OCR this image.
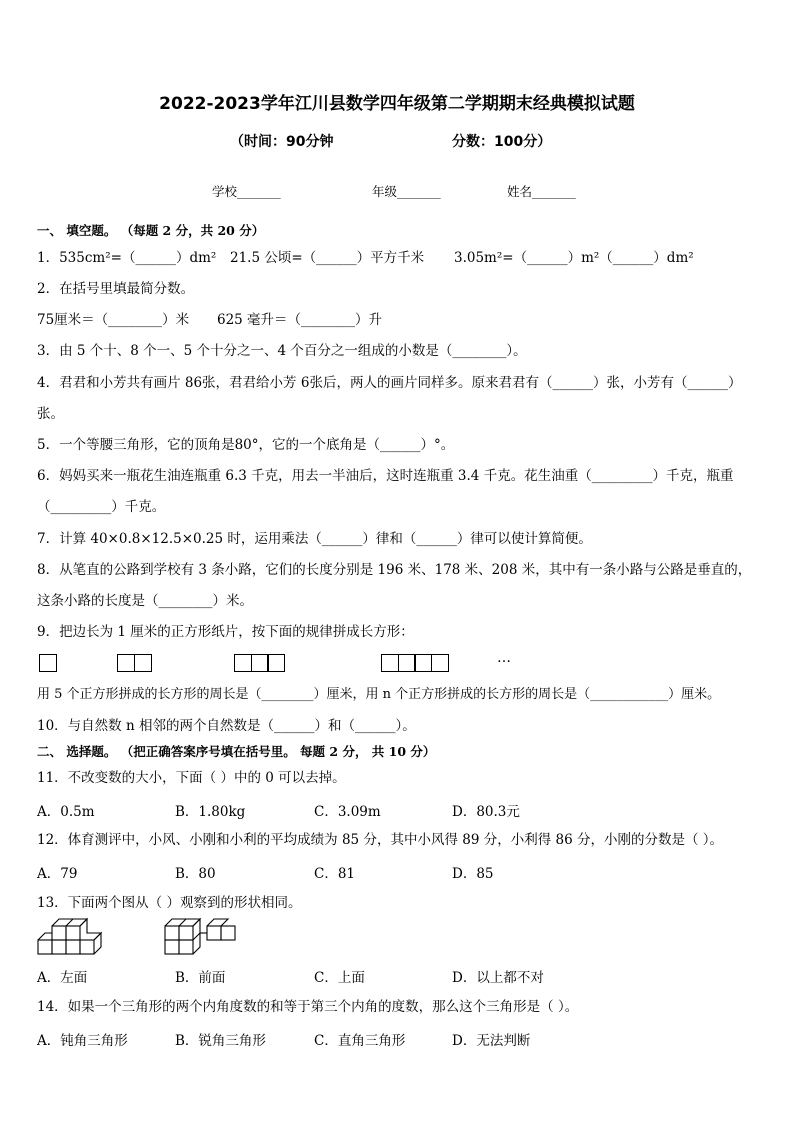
2022-2023学年江川县数学四年级第二学期期末经典模拟试题
（时间：90分钟	分数：100分）
学校_______	年级_______	姓名_______
一、 填空题。 （每题 2 分，共 20 分）
1．535cm²=（______）dm² 21.5 公顷=（______）平方千米 3.05m²=（______）m²（______）dm²
2．在括号里填最简分数。
75厘米＝（________）米 625 毫升＝（________）升
3．由 5 个十、8 个一、5 个十分之一、4 个百分之一组成的小数是（________）。
4．君君和小芳共有画片 86张，君君给小芳 6张后，两人的画片同样多。原来君君有（______）张，小芳有（______）
张。
5．一个等腰三角形，它的顶角是80°，它的一个底角是（______）°。
6．妈妈买来一瓶花生油连瓶重 6.3 千克，用去一半油后，这时连瓶重 3.4 千克。花生油重（_________）千克，瓶重
（_________）千克。
7．计算 40×0.8×12.5×0.25 时，运用乘法（______）律和（______）律可以使计算简便。
8．从笔直的公路到学校有 3 条小路，它们的长度分别是 196 米、178 米、208 米，其中有一条小路与公路是垂直的，
这条小路的长度是（________）米。
9．把边长为 1 厘米的正方形纸片，按下面的规律拼成长方形：
…
用 5 个正方形拼成的长方形的周长是（________）厘米，用 n 个正方形拼成的长方形的周长是（____________）厘米。
10．与自然数 n 相邻的两个自然数是（______）和（______）。
二、 选择题。 （把正确答案序号填在括号里。 每题 2 分， 共 10 分）
11．不改变数的大小，下面（ ）中的 0 可以去掉。
A．0.5m	B．1.80kg	C．3.09m	D．80.3元
12．体育测评中，小风、小刚和小利的平均成绩为 85 分，其中小风得 89 分，小利得 86 分，小刚的分数是（ ）。
A．79	B．80	C．81	D．85
13．下面两个图从（ ）观察到的形状相同。
A．左面	B．前面	C．上面	D．以上都不对
14．如果一个三角形的两个内角度数的和等于第三个内角的度数，那么这个三角形是（ ）。
A．钝角三角形	B．锐角三角形	C．直角三角形	D．无法判断
